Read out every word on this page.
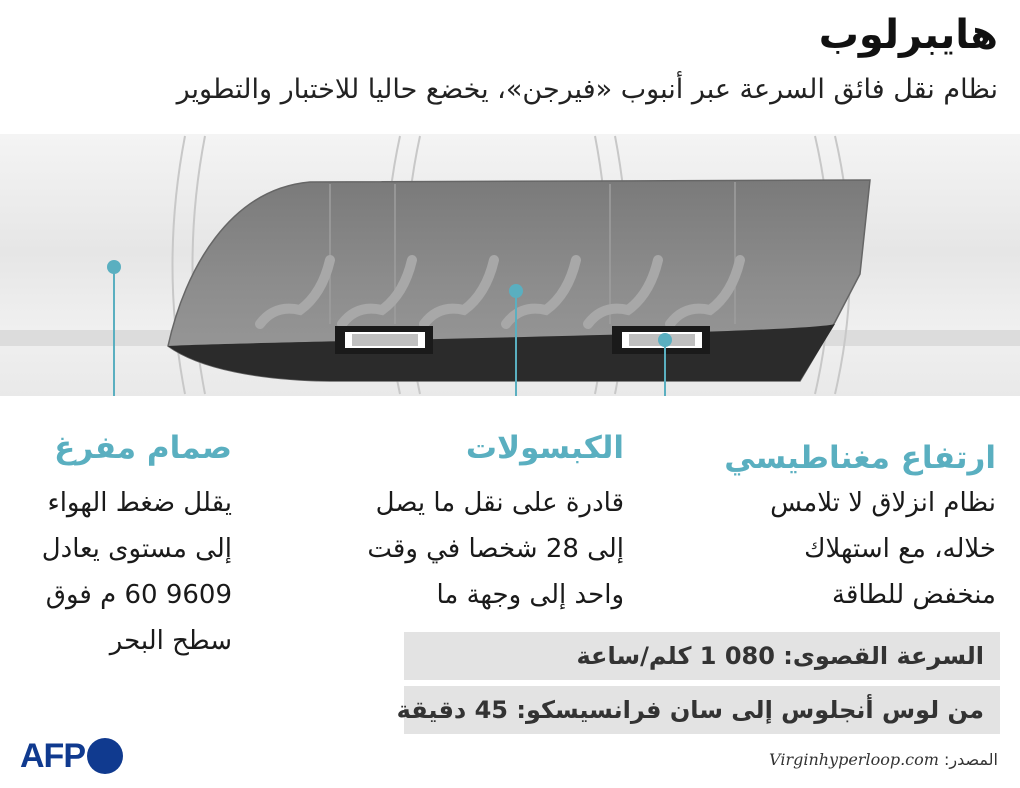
هايبرلوب
نظام نقل فائق السرعة عبر أنبوب «فيرجن»، يخضع حاليا للاختبار والتطوير
صمام مفرغ
يقلل ضغط الهواء
إلى مستوى يعادل
9609 60 م فوق
سطح البحر
الكبسولات
قادرة على نقل ما يصل
إلى 28 شخصا في وقت
واحد إلى وجهة ما
ارتفاع مغناطيسي
نظام انزلاق لا تلامس
خلاله، مع استهلاك
منخفض للطاقة
السرعة القصوى: 080 1 كلم/ساعة
من لوس أنجلوس إلى سان فرانسيسكو: 45 دقيقة
المصدر: Virginhyperloop.com
AFP
